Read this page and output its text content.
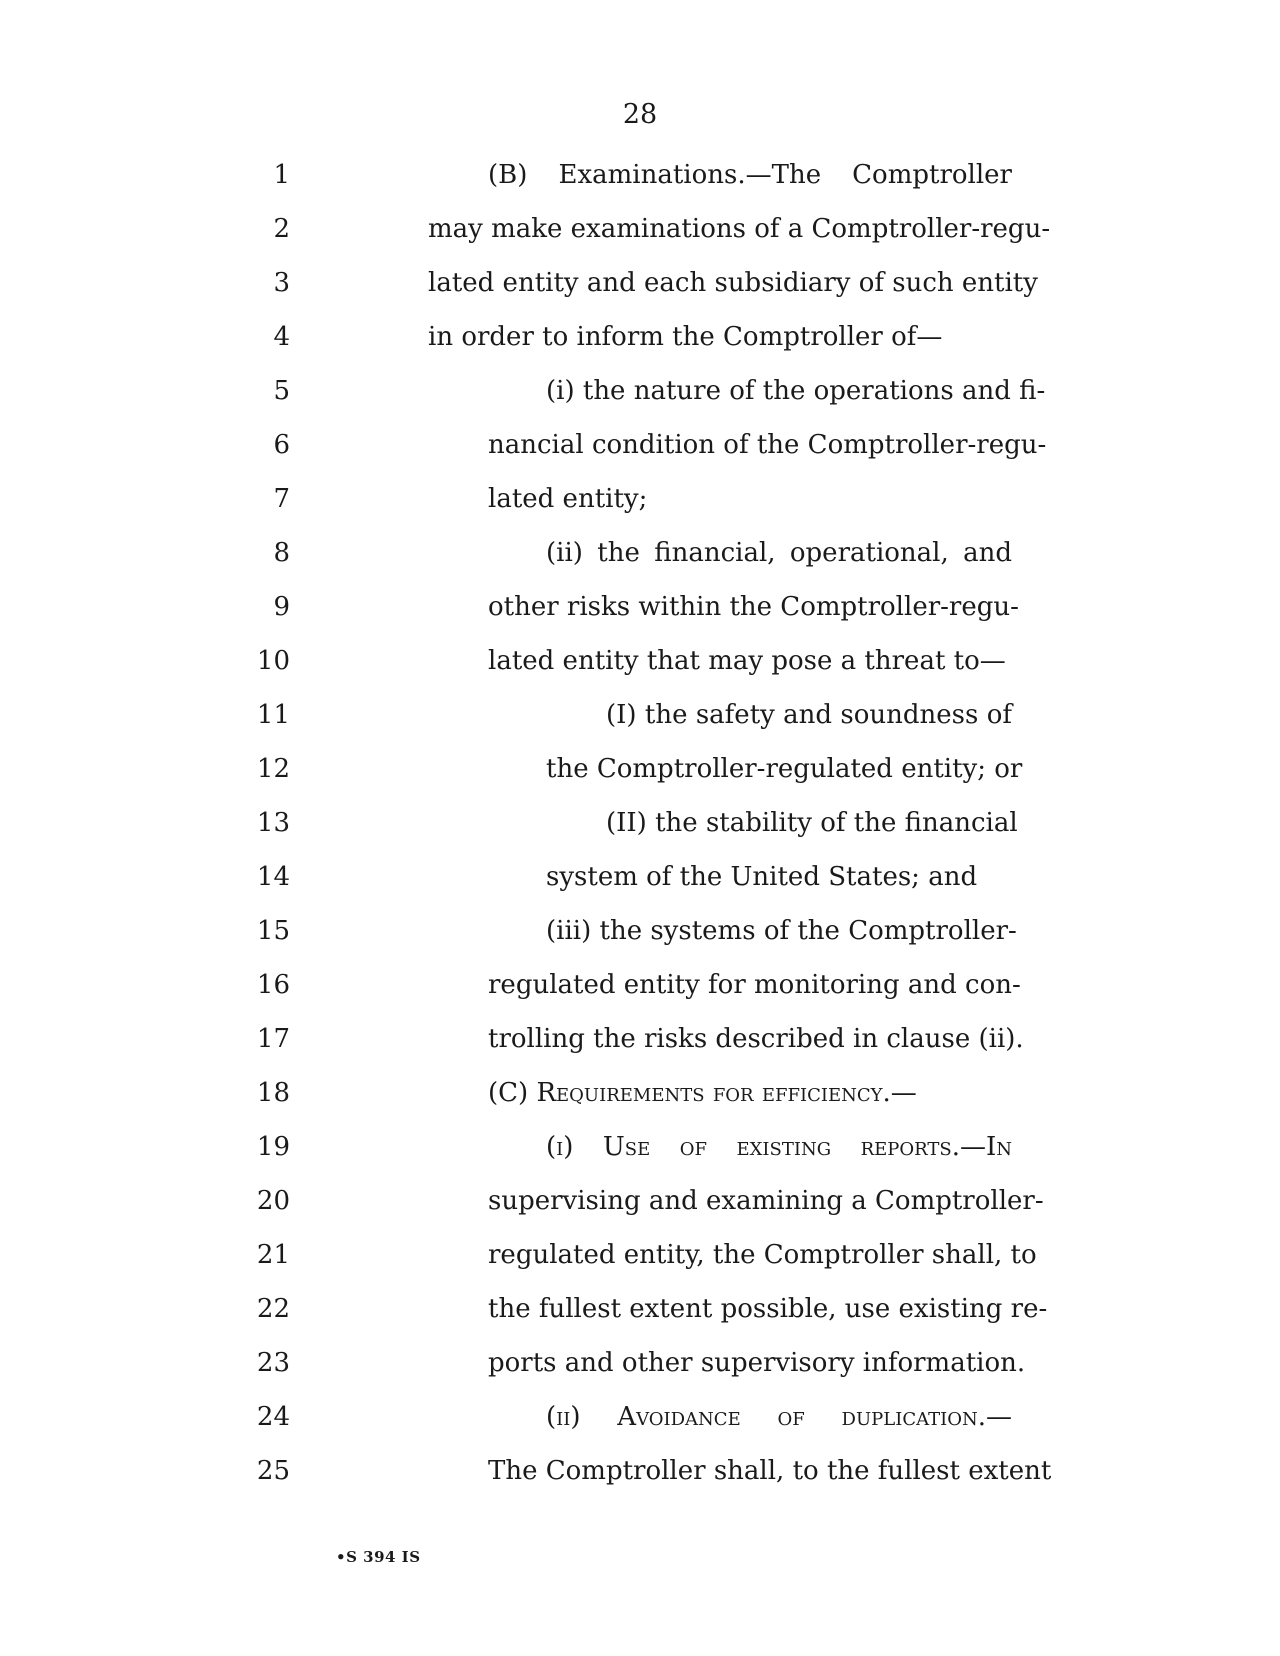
28
1	(B) Examinations.—The Comptroller
2	may make examinations of a Comptroller-regu-
3	lated entity and each subsidiary of such entity
4	in order to inform the Comptroller of—
5	(i) the nature of the operations and fi-
6	nancial condition of the Comptroller-regu-
7	lated entity;
8	(ii) the financial, operational, and
9	other risks within the Comptroller-regu-
10	lated entity that may pose a threat to—
11	(I) the safety and soundness of
12	the Comptroller-regulated entity; or
13	(II) the stability of the financial
14	system of the United States; and
15	(iii) the systems of the Comptroller-
16	regulated entity for monitoring and con-
17	trolling the risks described in clause (ii).
18	(C) Requirements for efficiency.—
19	(i) Use of existing reports.—In
20	supervising and examining a Comptroller-
21	regulated entity, the Comptroller shall, to
22	the fullest extent possible, use existing re-
23	ports and other supervisory information.
24	(ii) Avoidance of duplication.—
25	The Comptroller shall, to the fullest extent
•S 394 IS
